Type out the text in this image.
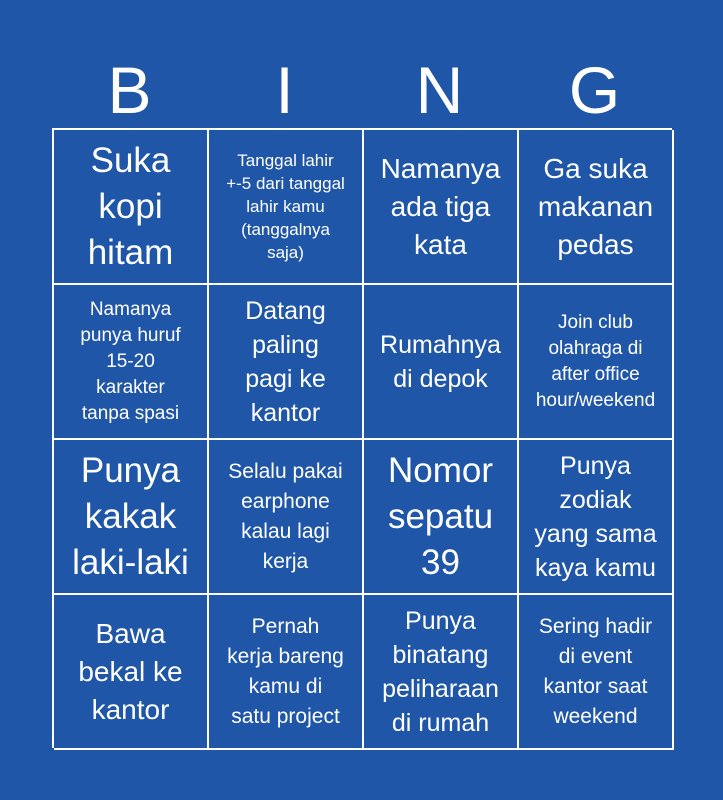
B	I	N	G
Suka
kopi
hitam
Tanggal lahir
+-5 dari tanggal
lahir kamu
(tanggalnya
saja)
Namanya
ada tiga
kata
Ga suka
makanan
pedas
Namanya
punya huruf
15-20
karakter
tanpa spasi
Datang
paling
pagi ke
kantor
Rumahnya
di depok
Join club
olahraga di
after office
hour/weekend
Punya
kakak
laki-laki
Selalu pakai
earphone
kalau lagi
kerja
Nomor
sepatu
39
Punya
zodiak
yang sama
kaya kamu
Bawa
bekal ke
kantor
Pernah
kerja bareng
kamu di
satu project
Punya
binatang
peliharaan
di rumah
Sering hadir
di event
kantor saat
weekend
